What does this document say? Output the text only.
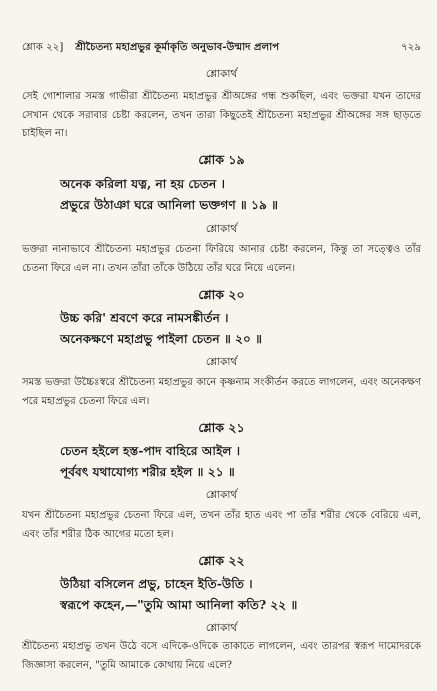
শ্লোক ২২] শ্রীচৈতন্য মহাপ্রভুর কূর্মাকৃতি অনুভাব-উন্মাদ প্রলাপ	৭২৯
শ্লোকার্থ
সেই গোশালার সমস্ত গাভীরা শ্রীচৈতন্য মহাপ্রভুর শ্রীঅঙ্গের গন্ধ শুকছিল, এবং ভক্তরা যখন তাদের সেখান থেকে সরাবার চেষ্টা করলেন, তখন তারা কিছুতেই শ্রীচৈতন্য মহাপ্রভুর শ্রীঅঙ্গের সঙ্গ ছাড়তে চাইছিল না।
শ্লোক ১৯
অনেক করিলা যত্ন, না হয় চেতন ।
প্রভুরে উঠাঞা ঘরে আনিলা ভক্তগণ ॥ ১৯ ॥
শ্লোকার্থ
ভক্তরা নানাভাবে শ্রীচৈতন্য মহাপ্রভুর চেতনা ফিরিয়ে আনার চেষ্টা করলেন, কিন্তু তা সত্ত্বেও তাঁর চেতনা ফিরে এল না। তখন তাঁরা তাঁকে উঠিয়ে তাঁর ঘরে নিয়ে এলেন।
শ্লোক ২০
উচ্চ করি' শ্রবণে করে নামসঙ্কীর্তন ।
অনেকক্ষণে মহাপ্রভু পাইলা চেতন ॥ ২০ ॥
শ্লোকার্থ
সমস্ত ভক্তরা উচ্চৈঃস্বরে শ্রীচৈতন্য মহাপ্রভুর কানে কৃষ্ণনাম সংকীর্তন করতে লাগলেন, এবং অনেকক্ষণ পরে মহাপ্রভুর চেতনা ফিরে এল।
শ্লোক ২১
চেতন হইলে হস্ত-পাদ বাহিরে আইল ।
পূর্ববৎ যথাযোগ্য শরীর হইল ॥ ২১ ॥
শ্লোকার্থ
যখন শ্রীচৈতন্য মহাপ্রভুর চেতনা ফিরে এল, তখন তাঁর হাত এবং পা তাঁর শরীর থেকে বেরিয়ে এল, এবং তাঁর শরীর ঠিক আগের মতো হল।
শ্লোক ২২
উঠিয়া বসিলেন প্রভু, চাহেন ইতি-উতি ।
স্বরূপে কহেন,—"তুমি আমা আনিলা কতি? ২২ ॥
শ্লোকার্থ
শ্রীচৈতন্য মহাপ্রভু তখন উঠে বসে এদিকে-ওদিকে তাকাতে লাগলেন, এবং তারপর স্বরূপ দামোদরকে জিজ্ঞাসা করলেন, "তুমি আমাকে কোথায় নিয়ে এলে?
